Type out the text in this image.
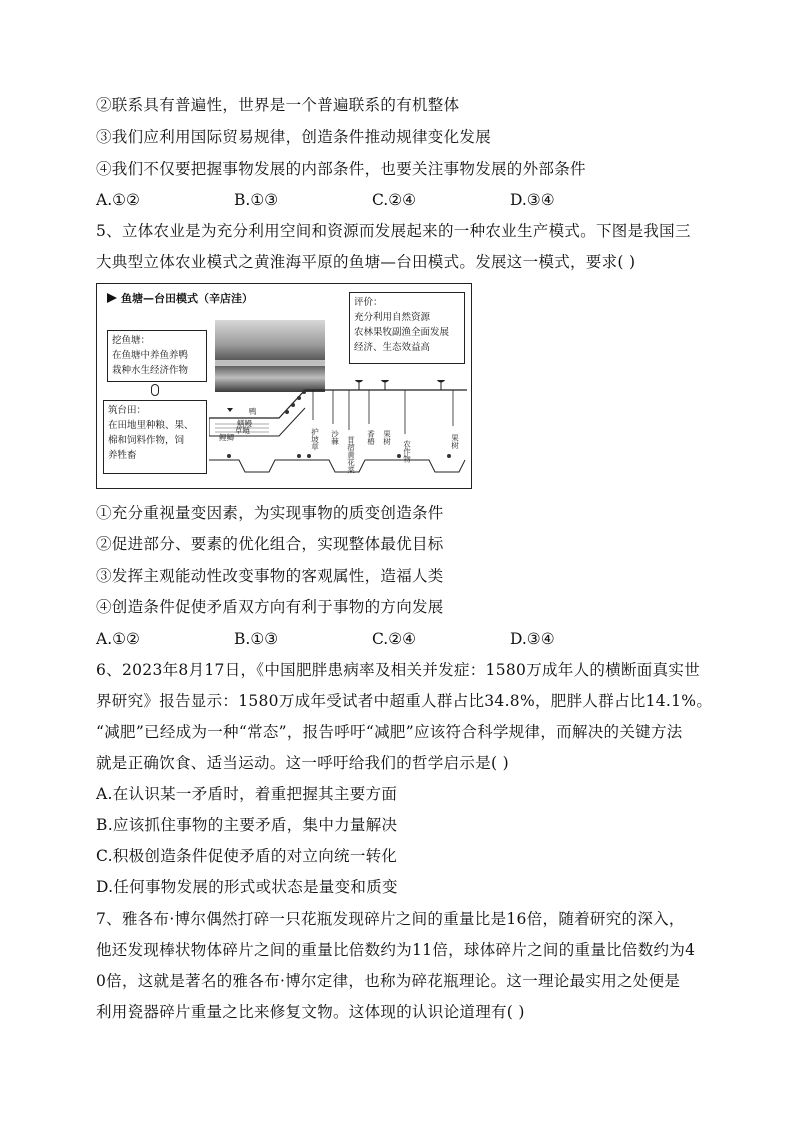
②联系具有普遍性，世界是一个普遍联系的有机整体
③我们应利用国际贸易规律，创造条件推动规律变化发展
④我们不仅要把握事物发展的内部条件，也要关注事物发展的外部条件
A.①②	B.①③	C.②④	D.③④
5、立体农业是为充分利用空间和资源而发展起来的一种农业生产模式。下图是我国三
大典型立体农业模式之黄淮海平原的鱼塘—台田模式。发展这一模式，要求( )
鱼塘—台田模式（辛店洼）	评价：
充分利用自然资源
农林果牧副渔全面发展
经济、生态效益高
挖鱼塘：
在鱼塘中养鱼养鸭
栽种水生经济作物
筑台田：
在田地里种粮、果、
棉和饲料作物，饲
养牲畜
鸭
鳝鳗
草鲢
鲤鲫	护坡草 沙棘 苜蓿黄花菜 香椿 果树
农作物	果树
①充分重视量变因素，为实现事物的质变创造条件
②促进部分、要素的优化组合，实现整体最优目标
③发挥主观能动性改变事物的客观属性，造福人类
④创造条件促使矛盾双方向有利于事物的方向发展
A.①②	B.①③	C.②④	D.③④
6、2023年8月17日，《中国肥胖患病率及相关并发症：1580万成年人的横断面真实世
界研究》报告显示：1580万成年受试者中超重人群占比34.8%，肥胖人群占比14.1%。
“减肥”已经成为一种“常态”，报告呼吁“减肥”应该符合科学规律，而解决的关键方法
就是正确饮食、适当运动。这一呼吁给我们的哲学启示是( )
A.在认识某一矛盾时，着重把握其主要方面
B.应该抓住事物的主要矛盾，集中力量解决
C.积极创造条件促使矛盾的对立向统一转化
D.任何事物发展的形式或状态是量变和质变
7、雅各布·博尔偶然打碎一只花瓶发现碎片之间的重量比是16倍，随着研究的深入，
他还发现棒状物体碎片之间的重量比倍数约为11倍，球体碎片之间的重量比倍数约为4
0倍，这就是著名的雅各布·博尔定律，也称为碎花瓶理论。这一理论最实用之处便是
利用瓷器碎片重量之比来修复文物。这体现的认识论道理有( )
